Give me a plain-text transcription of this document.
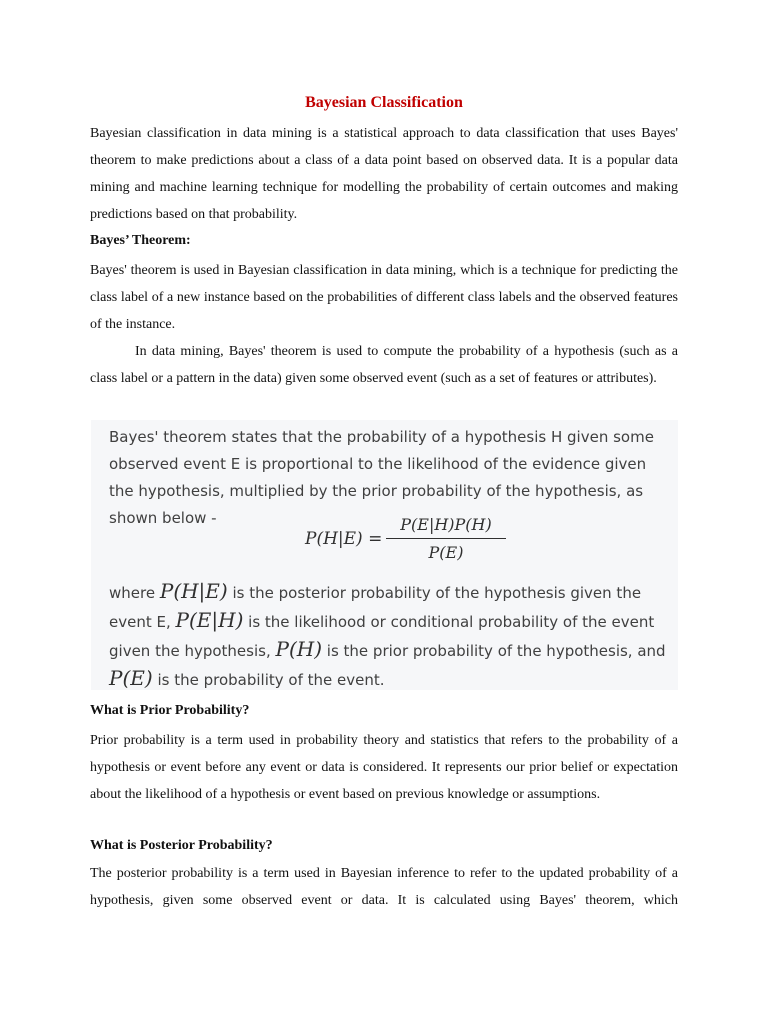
Bayesian Classification

Bayesian classification in data mining is a statistical approach to data classification that uses Bayes' theorem to make predictions about a class of a data point based on observed data. It is a popular data mining and machine learning technique for modelling the probability of certain outcomes and making predictions based on that probability.

Bayes’ Theorem:

Bayes' theorem is used in Bayesian classification in data mining, which is a technique for predicting the class label of a new instance based on the probabilities of different class labels and the observed features of the instance.

In data mining, Bayes' theorem is used to compute the probability of a hypothesis (such as a class label or a pattern in the data) given some observed event (such as a set of features or attributes).

Bayes' theorem states that the probability of a hypothesis H given some observed event E is proportional to the likelihood of the evidence given the hypothesis, multiplied by the prior probability of the hypothesis, as shown below -

P(H|E) =
P(E|H)P(H)
P(E)

where P(H|E) is the posterior probability of the hypothesis given the event E, P(E|H) is the likelihood or conditional probability of the event given the hypothesis, P(H) is the prior probability of the hypothesis, and P(E) is the probability of the event.

What is Prior Probability?

Prior probability is a term used in probability theory and statistics that refers to the probability of a hypothesis or event before any event or data is considered. It represents our prior belief or expectation about the likelihood of a hypothesis or event based on previous knowledge or assumptions.

What is Posterior Probability?

The posterior probability is a term used in Bayesian inference to refer to the updated probability of a hypothesis, given some observed event or data. It is calculated using Bayes' theorem, which
